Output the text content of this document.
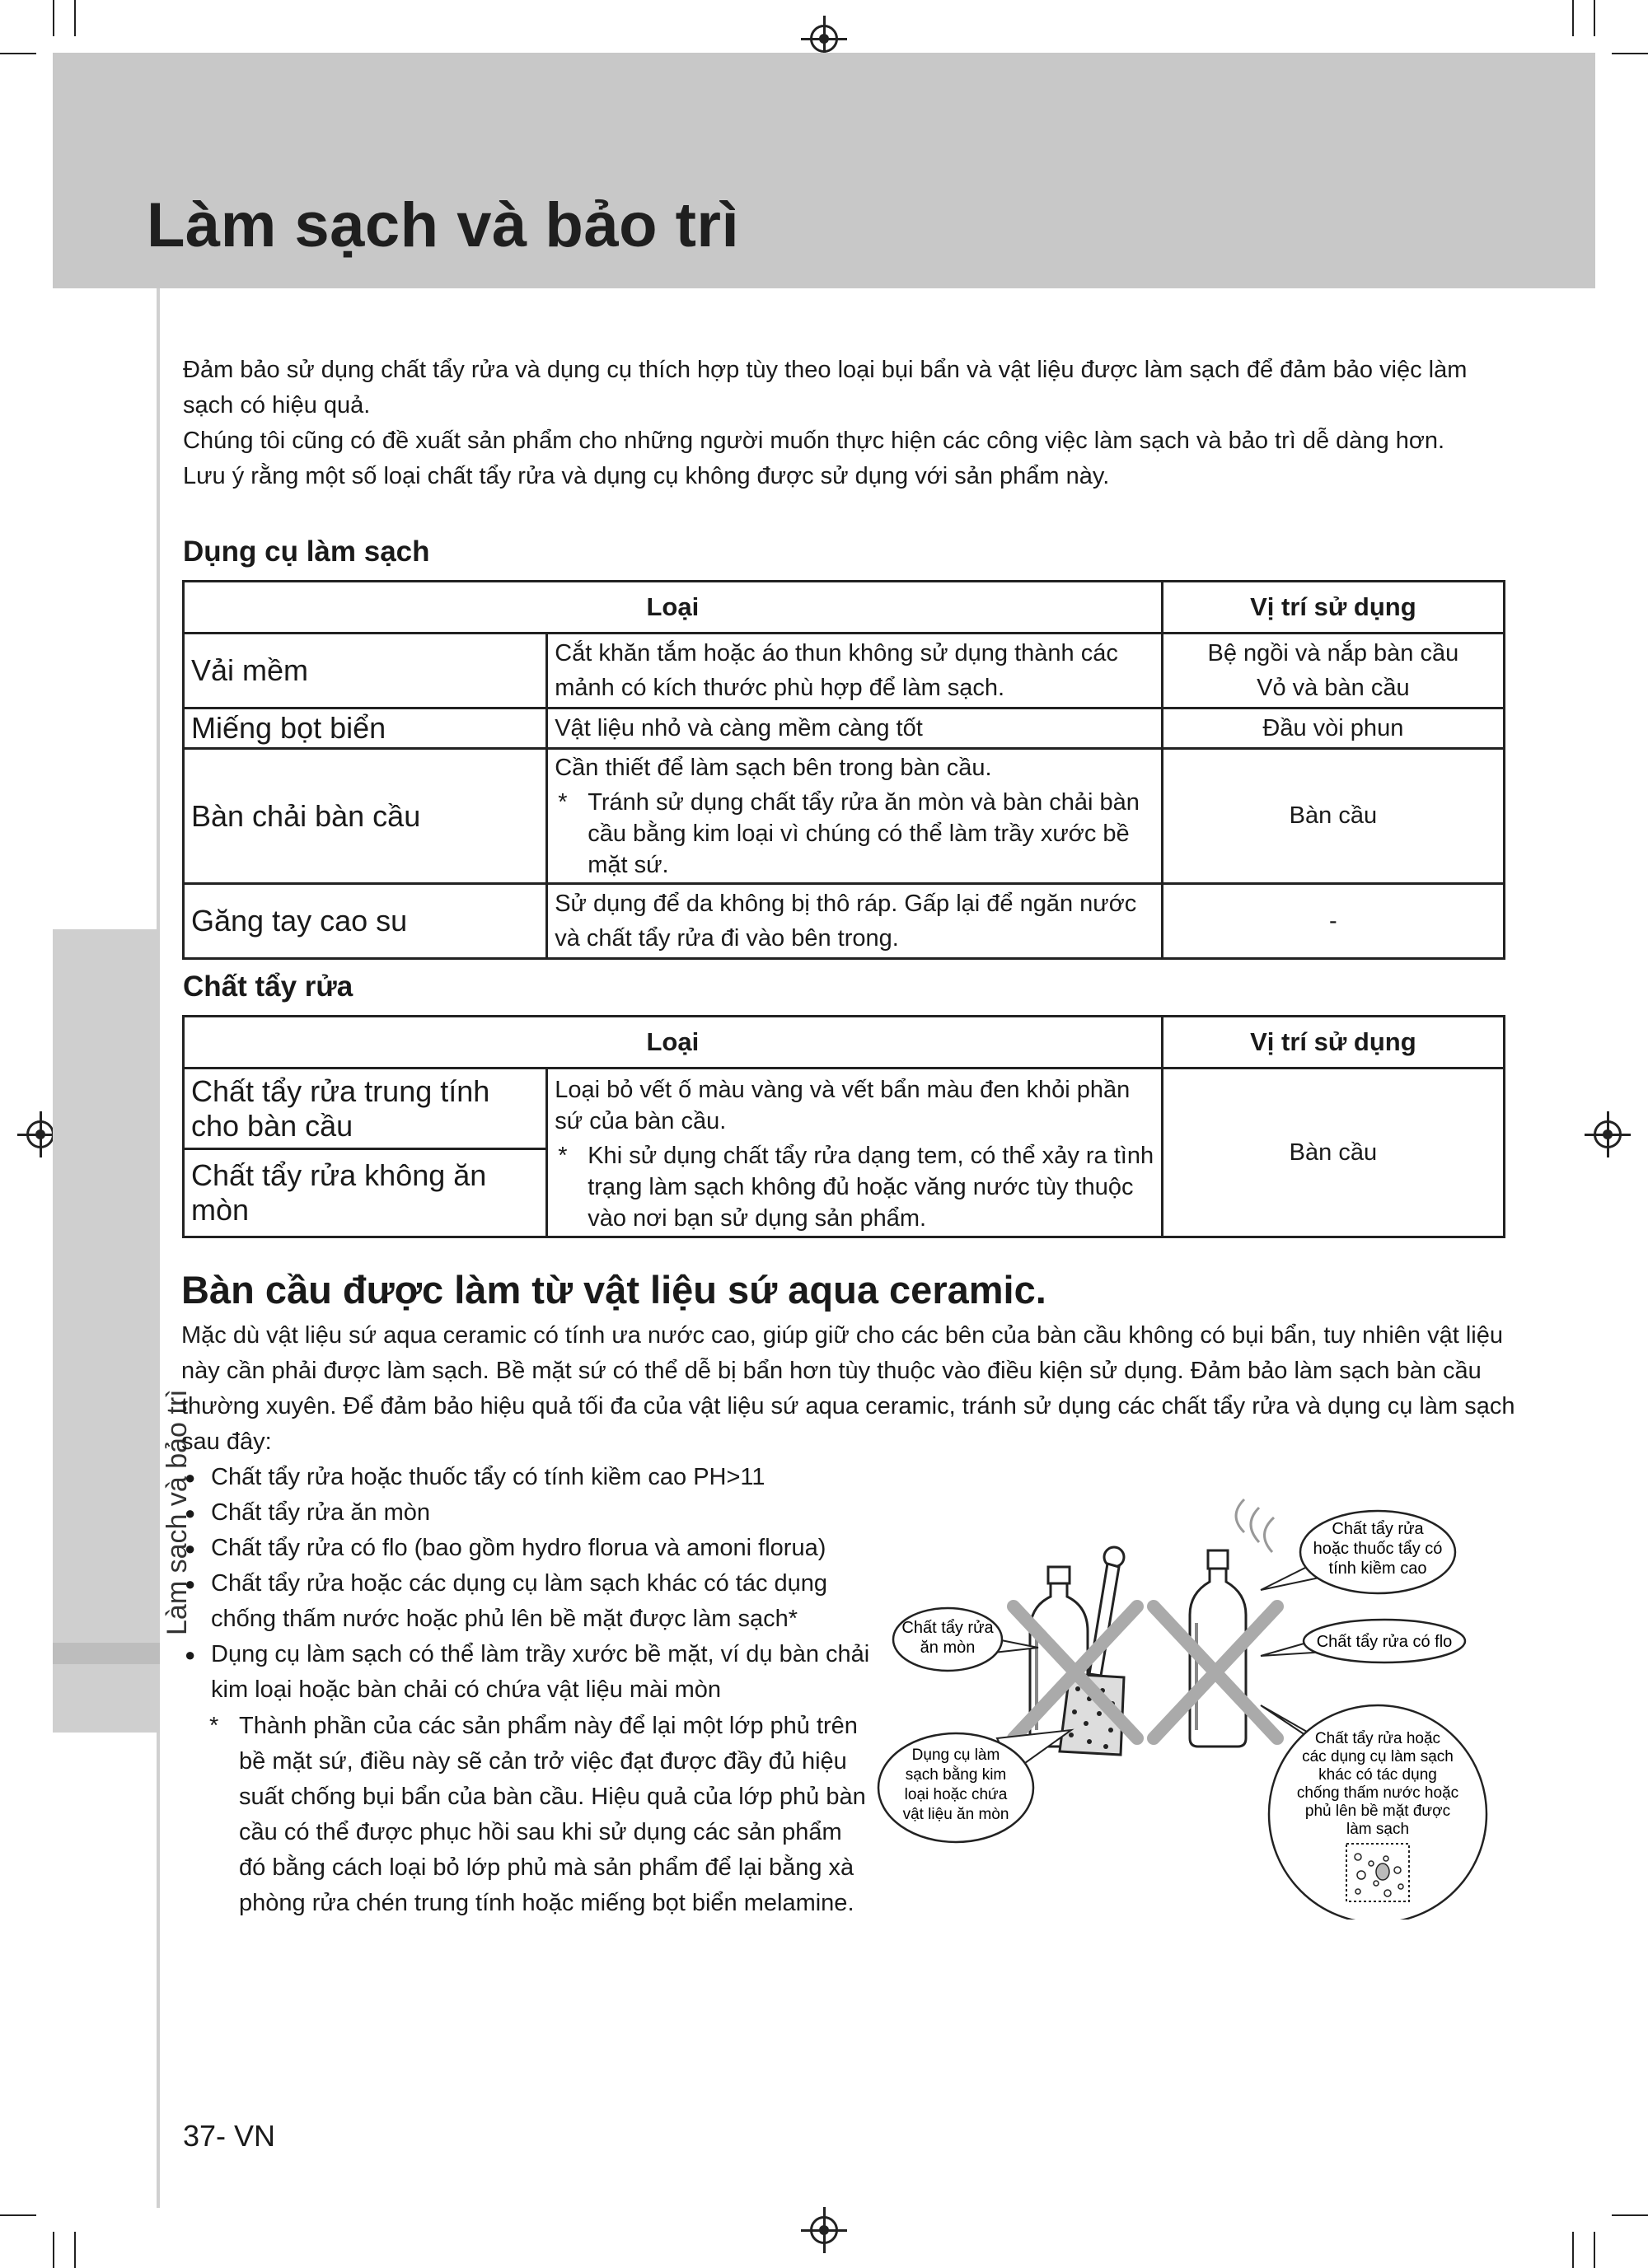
Làm sạch và bảo trì
Làm sạch và bảo trì

Đảm bảo sử dụng chất tẩy rửa và dụng cụ thích hợp tùy theo loại bụi bẩn và vật liệu được làm sạch để đảm bảo việc làm sạch có hiệu quả.

Chúng tôi cũng có đề xuất sản phẩm cho những người muốn thực hiện các công việc làm sạch và bảo trì dễ dàng hơn.

Lưu ý rằng một số loại chất tẩy rửa và dụng cụ không được sử dụng với sản phẩm này.

Dụng cụ làm sạch
Loại		Vị trí sử dụng
Vải mềm	Cắt khăn tắm hoặc áo thun không sử dụng thành các mảnh có kích thước phù hợp để làm sạch.	Bệ ngồi và nắp bàn cầu
Vỏ và bàn cầu

Miếng bọt biển	Vật liệu nhỏ và càng mềm càng tốt	Đầu vòi phun
Bàn chải bàn cầu	Cần thiết để làm sạch bên trong bàn cầu.
* Tránh sử dụng chất tẩy rửa ăn mòn và bàn chải bàn cầu bằng kim loại vì chúng có thể làm trầy xước bề mặt sứ.	Bàn cầu
Găng tay cao su	Sử dụng để da không bị thô ráp. Gấp lại để ngăn nước và chất tẩy rửa đi vào bên trong.	-
Chất tẩy rửa
Loại		Vị trí sử dụng
Chất tẩy rửa trung tính cho bàn cầu	Loại bỏ vết ố màu vàng và vết bẩn màu đen khỏi phần sứ của bàn cầu.
* Khi sử dụng chất tẩy rửa dạng tem, có thể xảy ra tình trạng làm sạch không đủ hoặc văng nước tùy thuộc vào nơi bạn sử dụng sản phẩm.	Bàn cầu
Chất tẩy rửa không ăn mòn		
Bàn cầu được làm từ vật liệu sứ aqua ceramic.

Mặc dù vật liệu sứ aqua ceramic có tính ưa nước cao, giúp giữ cho các bên của bàn cầu không có bụi bẩn, tuy nhiên vật liệu này cần phải được làm sạch. Bề mặt sứ có thể dễ bị bẩn hơn tùy thuộc vào điều kiện sử dụng. Đảm bảo làm sạch bàn cầu thường xuyên. Để đảm bảo hiệu quả tối đa của vật liệu sứ aqua ceramic, tránh sử dụng các chất tẩy rửa và dụng cụ làm sạch sau đây:

● Chất tẩy rửa hoặc thuốc tẩy có tính kiềm cao PH>11
● Chất tẩy rửa ăn mòn
● Chất tẩy rửa có flo (bao gồm hydro florua và amoni florua)
● Chất tẩy rửa hoặc các dụng cụ làm sạch khác có tác dụng chống thấm nước hoặc phủ lên bề mặt được làm sạch*
● Dụng cụ làm sạch có thể làm trầy xước bề mặt, ví dụ bàn chải kim loại hoặc bàn chải có chứa vật liệu mài mòn
* Thành phần của các sản phẩm này để lại một lớp phủ trên bề mặt sứ, điều này sẽ cản trở việc đạt được đầy đủ hiệu suất chống bụi bẩn của bàn cầu. Hiệu quả của lớp phủ bàn cầu có thể được phục hồi sau khi sử dụng các sản phẩm đó bằng cách loại bỏ lớp phủ mà sản phẩm để lại bằng xà phòng rửa chén trung tính hoặc miếng bọt biển melamine.
Chất tẩy rửa
ăn mòn
Dụng cụ làm
sạch bằng kim
loại hoặc chứa
vật liệu ăn mòn
Chất tẩy rửa
hoặc thuốc tẩy có
tính kiềm cao
Chất tẩy rửa có flo
Chất tẩy rửa hoặc
các dụng cụ làm sạch
khác có tác dụng
chống thấm nước hoặc
phủ lên bề mặt được
làm sạch
37- VN
